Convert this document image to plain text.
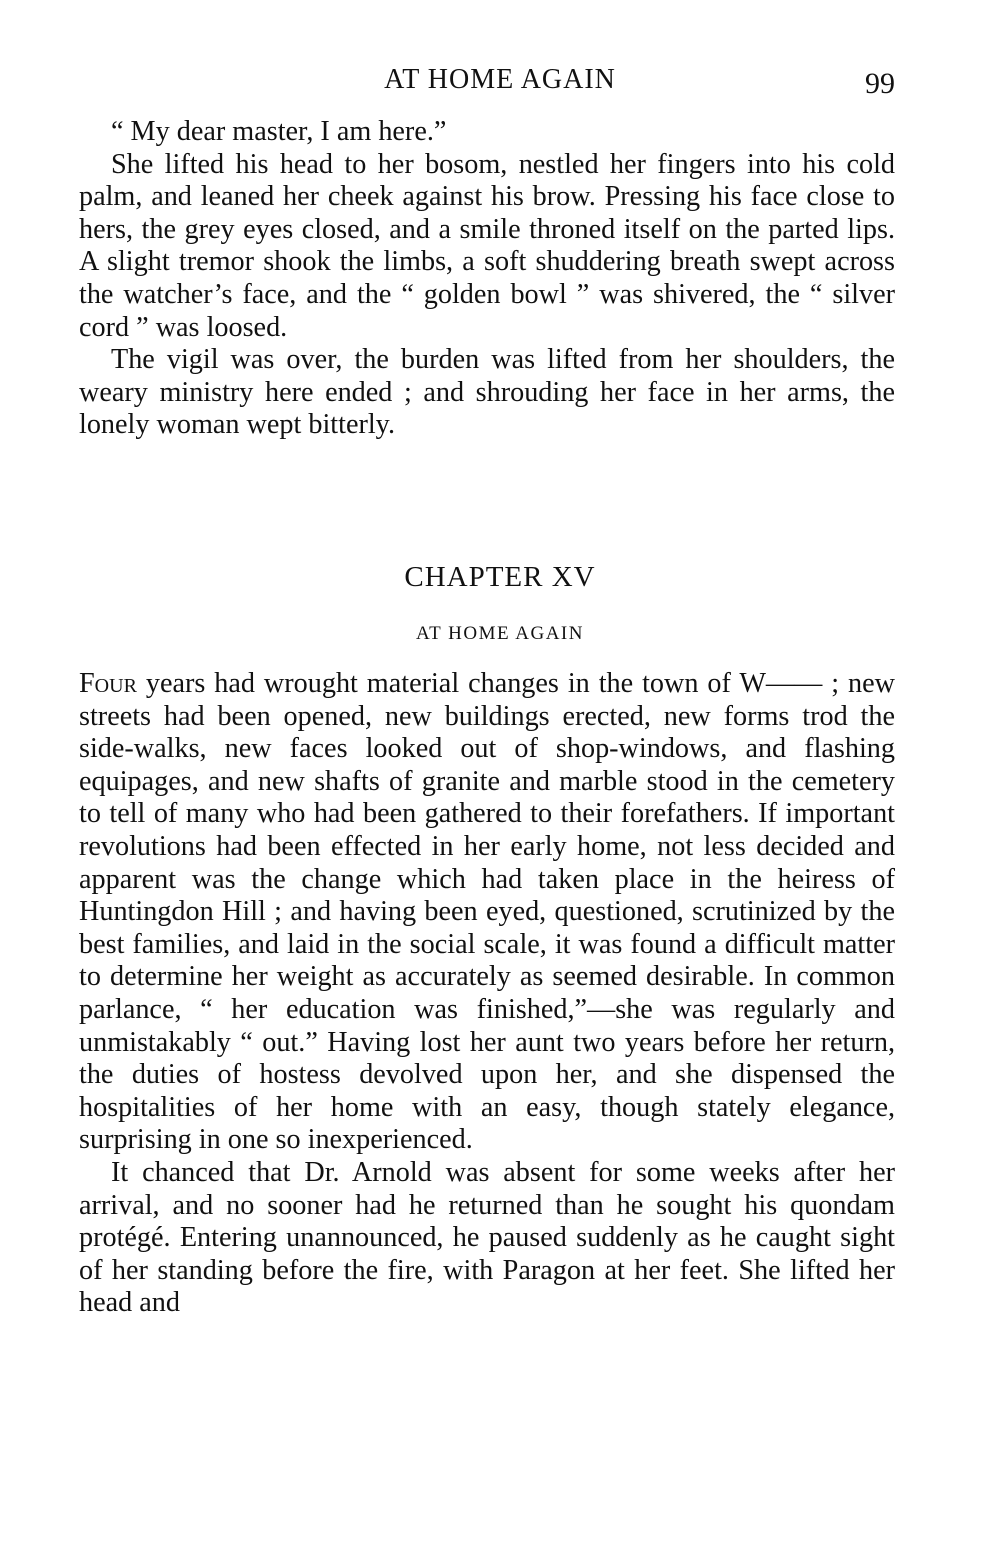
AT HOME AGAIN	99

“ My dear master, I am here.”

She lifted his head to her bosom, nestled her fingers into his cold palm, and leaned her cheek against his brow. Pressing his face close to hers, the grey eyes closed, and a smile throned itself on the parted lips. A slight tremor shook the limbs, a soft shuddering breath swept across the watcher’s face, and the “ golden bowl ” was shivered, the “ silver cord ” was loosed.

The vigil was over, the burden was lifted from her shoulders, the weary ministry here ended ; and shrouding her face in her arms, the lonely woman wept bitterly.

CHAPTER XV
AT HOME AGAIN

Four years had wrought material changes in the town of W—— ; new streets had been opened, new buildings erected, new forms trod the side-walks, new faces looked out of shop-windows, and flashing equipages, and new shafts of granite and marble stood in the cemetery to tell of many who had been gathered to their forefathers. If important revolutions had been effected in her early home, not less decided and apparent was the change which had taken place in the heiress of Huntingdon Hill ; and having been eyed, questioned, scrutinized by the best families, and laid in the social scale, it was found a difficult matter to determine her weight as accurately as seemed desirable. In common parlance, “ her education was finished,”—she was regularly and unmistakably “ out.” Having lost her aunt two years before her return, the duties of hostess devolved upon her, and she dispensed the hospitalities of her home with an easy, though stately elegance, surprising in one so inexperienced.

It chanced that Dr. Arnold was absent for some weeks after her arrival, and no sooner had he returned than he sought his quondam protégé. Entering unannounced, he paused suddenly as he caught sight of her standing before the fire, with Paragon at her feet. She lifted her head and
